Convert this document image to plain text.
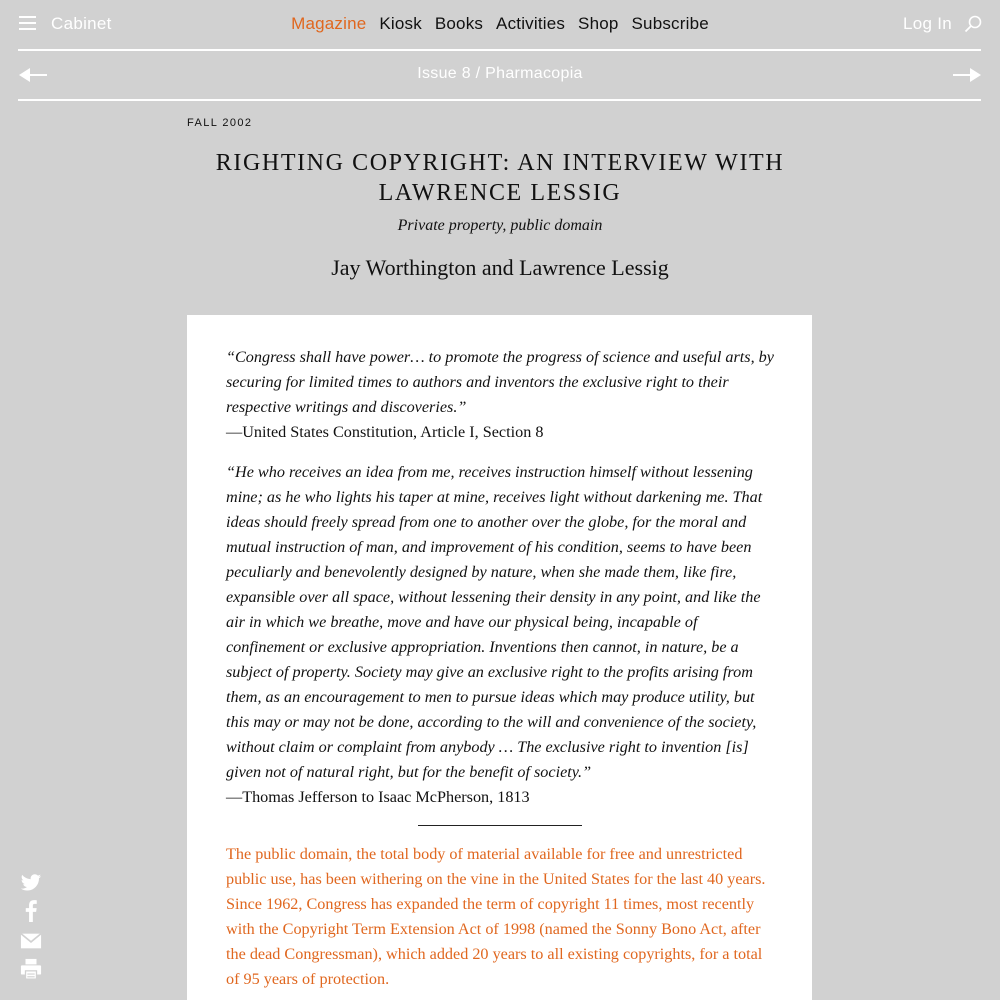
Cabinet	Magazine Kiosk Books Activities Shop Subscribe	Log In
Issue 8 / Pharmacopia
FALL 2002
RIGHTING COPYRIGHT: AN INTERVIEW WITH LAWRENCE LESSIG
Private property, public domain
Jay Worthington and Lawrence Lessig

“Congress shall have power… to promote the progress of science and useful arts, by securing for limited times to authors and inventors the exclusive right to their respective writings and discoveries.”

—United States Constitution, Article I, Section 8

“He who receives an idea from me, receives instruction himself without lessening mine; as he who lights his taper at mine, receives light without darkening me. That ideas should freely spread from one to another over the globe, for the moral and mutual instruction of man, and improvement of his condition, seems to have been peculiarly and benevolently designed by nature, when she made them, like fire, expansible over all space, without lessening their density in any point, and like the air in which we breathe, move and have our physical being, incapable of confinement or exclusive appropriation. Inventions then cannot, in nature, be a subject of property. Society may give an exclusive right to the profits arising from them, as an encouragement to men to pursue ideas which may produce utility, but this may or may not be done, according to the will and convenience of the society, without claim or complaint from anybody … The exclusive right to invention [is] given not of natural right, but for the benefit of society.”

—Thomas Jefferson to Isaac McPherson, 1813

The public domain, the total body of material available for free and unrestricted public use, has been withering on the vine in the United States for the last 40 years. Since 1962, Congress has expanded the term of copyright 11 times, most recently with the Copyright Term Extension Act of 1998 (named the Sonny Bono Act, after the dead Congressman), which added 20 years to all existing copyrights, for a total of 95 years of protection.
